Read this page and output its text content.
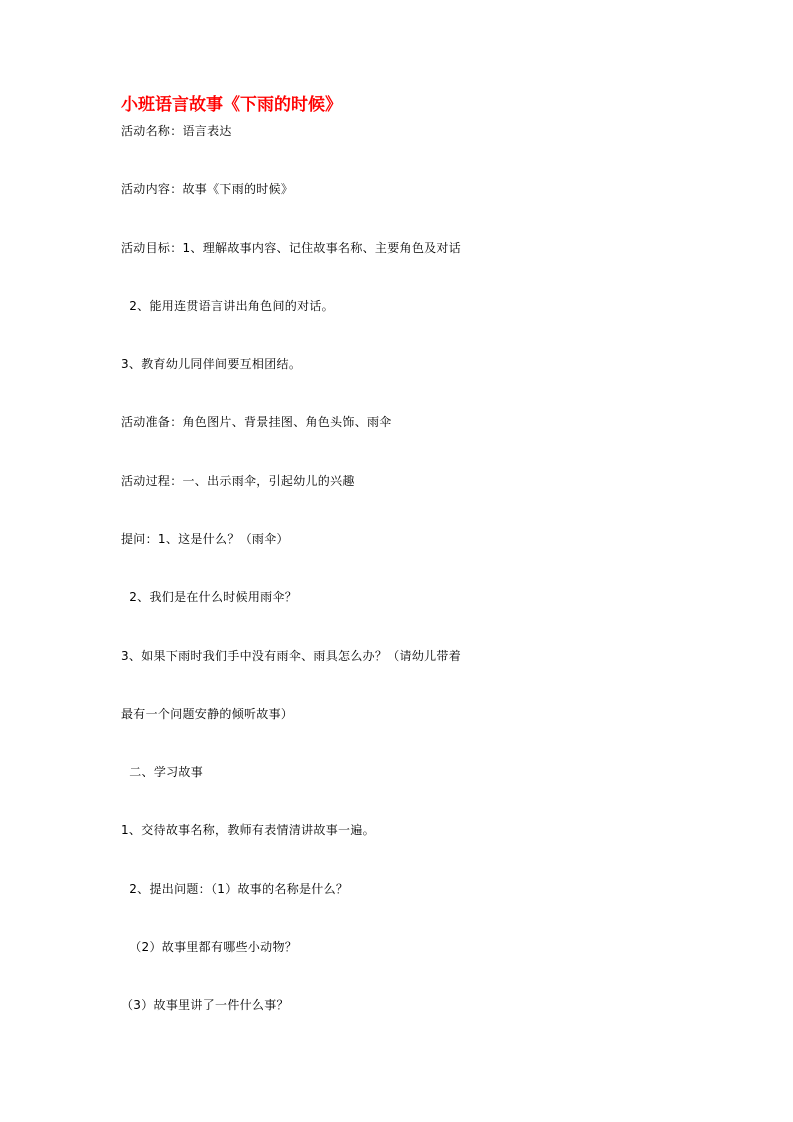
小班语言故事《下雨的时候》
活动名称：语言表达
活动内容：故事《下雨的时候》
活动目标：1、理解故事内容、记住故事名称、主要角色及对话
2、能用连贯语言讲出角色间的对话。
3、教育幼儿同伴间要互相团结。
活动准备：角色图片、背景挂图、角色头饰、雨伞
活动过程：一、出示雨伞，引起幼儿的兴趣
提问：1、这是什么？（雨伞）
2、我们是在什么时候用雨伞？
3、如果下雨时我们手中没有雨伞、雨具怎么办？（请幼儿带着
最有一个问题安静的倾听故事）
二、学习故事
1、交待故事名称，教师有表情清讲故事一遍。
2、提出问题：（1）故事的名称是什么？
（2）故事里都有哪些小动物？
（3）故事里讲了一件什么事？
